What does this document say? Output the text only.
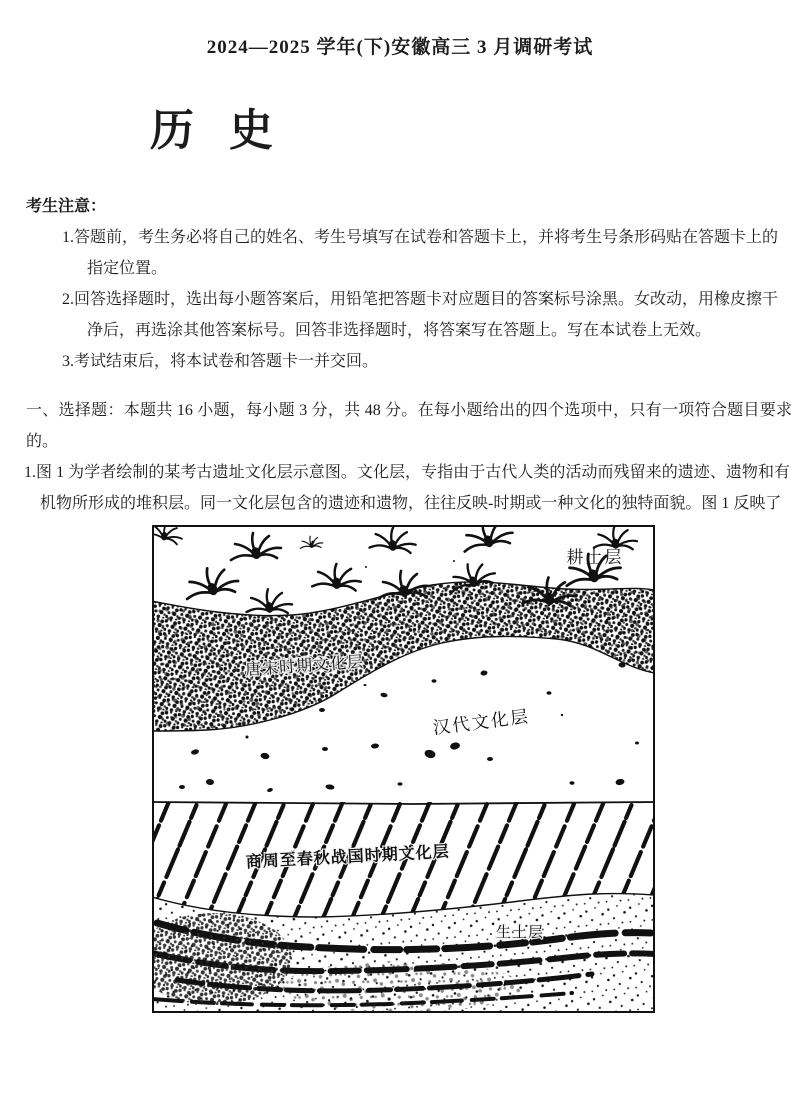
2024—2025 学年(下)安徽高三 3 月调研考试
历 史
考生注意：

1.答题前，考生务必将自己的姓名、考生号填写在试卷和答题卡上，并将考生号条形码贴在答题卡上的指定位置。

2.回答选择题时，选出每小题答案后，用铅笔把答题卡对应题目的答案标号涂黑。女改动，用橡皮擦干净后，再选涂其他答案标号。回答非选择题时，将答案写在答题上。写在本试卷上无效。

3.考试结束后，将本试卷和答题卡一并交回。

一、选择题：本题共 16 小题，每小题 3 分，共 48 分。在每小题给出的四个选项中，只有一项符合题目要求的。

1.图 1 为学者绘制的某考古遗址文化层示意图。文化层，专指由于古代人类的活动而残留来的遗迹、遗物和有机物所形成的堆积层。同一文化层包含的遗迹和遗物，往往反映-时期或一种文化的独特面貌。图 1 反映了

耕土层
唐宋时期文化层
汉代文化层
商周至春秋战国时期文化层
生土层
